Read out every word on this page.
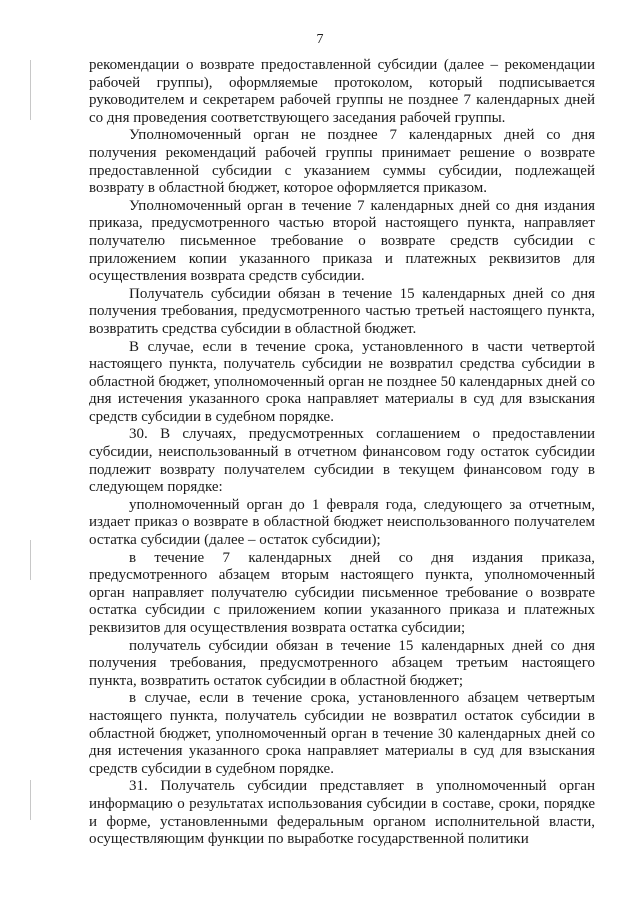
7

рекомендации о возврате предоставленной субсидии (далее – рекомендации рабочей группы), оформляемые протоколом, который подписывается руководителем и секретарем рабочей группы не позднее 7 календарных дней со дня проведения соответствующего заседания рабочей группы.

Уполномоченный орган не позднее 7 календарных дней со дня получения рекомендаций рабочей группы принимает решение о возврате предоставленной субсидии с указанием суммы субсидии, подлежащей возврату в областной бюджет, которое оформляется приказом.

Уполномоченный орган в течение 7 календарных дней со дня издания приказа, предусмотренного частью второй настоящего пункта, направляет получателю письменное требование о возврате средств субсидии с приложением копии указанного приказа и платежных реквизитов для осуществления возврата средств субсидии.

Получатель субсидии обязан в течение 15 календарных дней со дня получения требования, предусмотренного частью третьей настоящего пункта, возвратить средства субсидии в областной бюджет.

В случае, если в течение срока, установленного в части четвертой настоящего пункта, получатель субсидии не возвратил средства субсидии в областной бюджет, уполномоченный орган не позднее 50 календарных дней со дня истечения указанного срока направляет материалы в суд для взыскания средств субсидии в судебном порядке.

30. В случаях, предусмотренных соглашением о предоставлении субсидии, неиспользованный в отчетном финансовом году остаток субсидии подлежит возврату получателем субсидии в текущем финансовом году в следующем порядке:

уполномоченный орган до 1 февраля года, следующего за отчетным, издает приказ о возврате в областной бюджет неиспользованного получателем остатка субсидии (далее – остаток субсидии);

в течение 7 календарных дней со дня издания приказа, предусмотренного абзацем вторым настоящего пункта, уполномоченный орган направляет получателю субсидии письменное требование о возврате остатка субсидии с приложением копии указанного приказа и платежных реквизитов для осуществления возврата остатка субсидии;

получатель субсидии обязан в течение 15 календарных дней со дня получения требования, предусмотренного абзацем третьим настоящего пункта, возвратить остаток субсидии в областной бюджет;

в случае, если в течение срока, установленного абзацем четвертым настоящего пункта, получатель субсидии не возвратил остаток субсидии в областной бюджет, уполномоченный орган в течение 30 календарных дней со дня истечения указанного срока направляет материалы в суд для взыскания средств субсидии в судебном порядке.

31. Получатель субсидии представляет в уполномоченный орган информацию о результатах использования субсидии в составе, сроки, порядке и форме, установленными федеральным органом исполнительной власти, осуществляющим функции по выработке государственной политики
